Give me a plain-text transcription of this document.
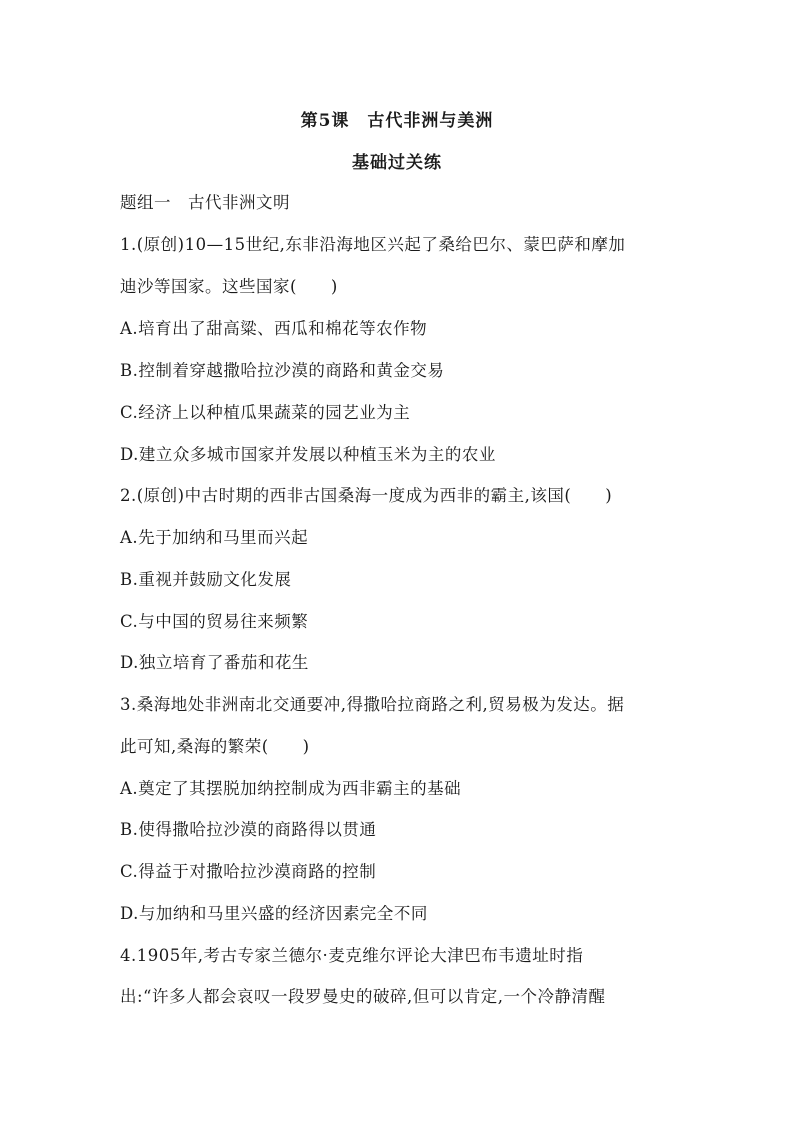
第5课　古代非洲与美洲
基础过关练
题组一　古代非洲文明
1.(原创)10—15世纪,东非沿海地区兴起了桑给巴尔、蒙巴萨和摩加
迪沙等国家。这些国家(　　)
A.培育出了甜高粱、西瓜和棉花等农作物
B.控制着穿越撒哈拉沙漠的商路和黄金交易
C.经济上以种植瓜果蔬菜的园艺业为主
D.建立众多城市国家并发展以种植玉米为主的农业
2.(原创)中古时期的西非古国桑海一度成为西非的霸主,该国(　　)
A.先于加纳和马里而兴起
B.重视并鼓励文化发展
C.与中国的贸易往来频繁
D.独立培育了番茄和花生
3.桑海地处非洲南北交通要冲,得撒哈拉商路之利,贸易极为发达。据
此可知,桑海的繁荣(　　)
A.奠定了其摆脱加纳控制成为西非霸主的基础
B.使得撒哈拉沙漠的商路得以贯通
C.得益于对撒哈拉沙漠商路的控制
D.与加纳和马里兴盛的经济因素完全不同
4.1905年,考古专家兰德尔·麦克维尔评论大津巴布韦遗址时指
出:“许多人都会哀叹一段罗曼史的破碎,但可以肯定,一个冷静清醒
